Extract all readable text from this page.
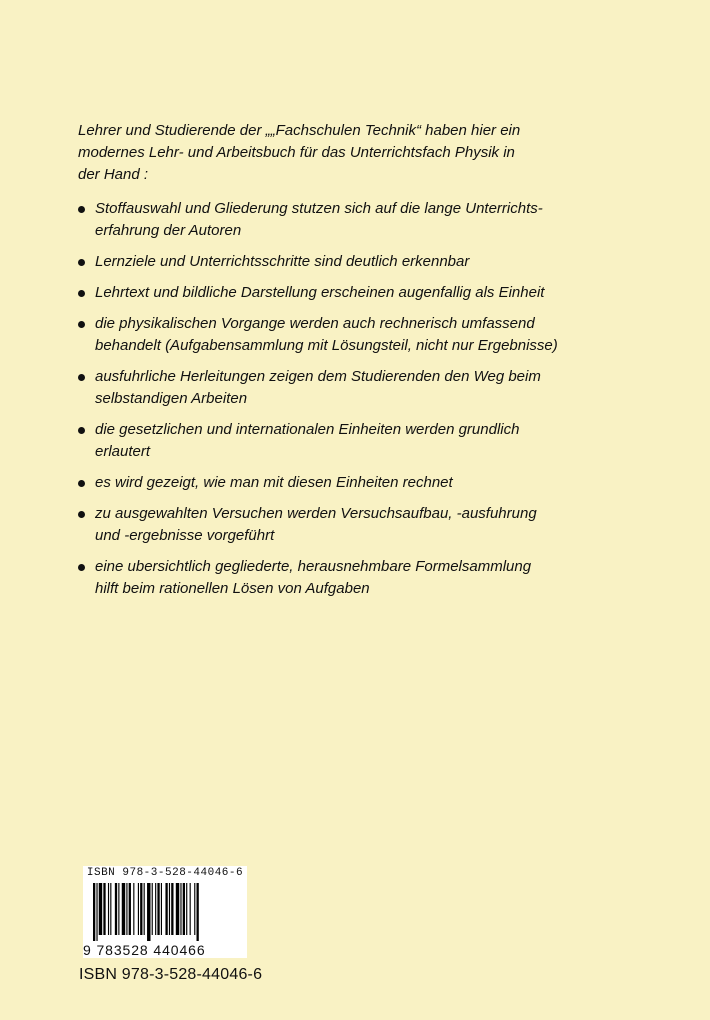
Lehrer und Studierende der „„Fachschulen Technik“ haben hier ein
modernes Lehr- und Arbeitsbuch für das Unterrichtsfach Physik in
der Hand :
Stoffauswahl und Gliederung stutzen sich auf die lange Unterrichts-
erfahrung der Autoren
Lernziele und Unterrichtsschritte sind deutlich erkennbar
Lehrtext und bildliche Darstellung erscheinen augenfallig als Einheit
die physikalischen Vorgange werden auch rechnerisch umfassend
behandelt (Aufgabensammlung mit Lösungsteil, nicht nur Ergebnisse)
ausfuhrliche Herleitungen zeigen dem Studierenden den Weg beim
selbstandigen Arbeiten
die gesetzlichen und internationalen Einheiten werden grundlich
erlautert
es wird gezeigt, wie man mit diesen Einheiten rechnet
zu ausgewahlten Versuchen werden Versuchsaufbau, -ausfuhrung
und -ergebnisse vorgeführt
eine ubersichtlich gegliederte, herausnehmbare Formelsammlung
hilft beim rationellen Lösen von Aufgaben
ISBN 978-3-528-44046-6
9 783528 440466
ISBN 978-3-528-44046-6
